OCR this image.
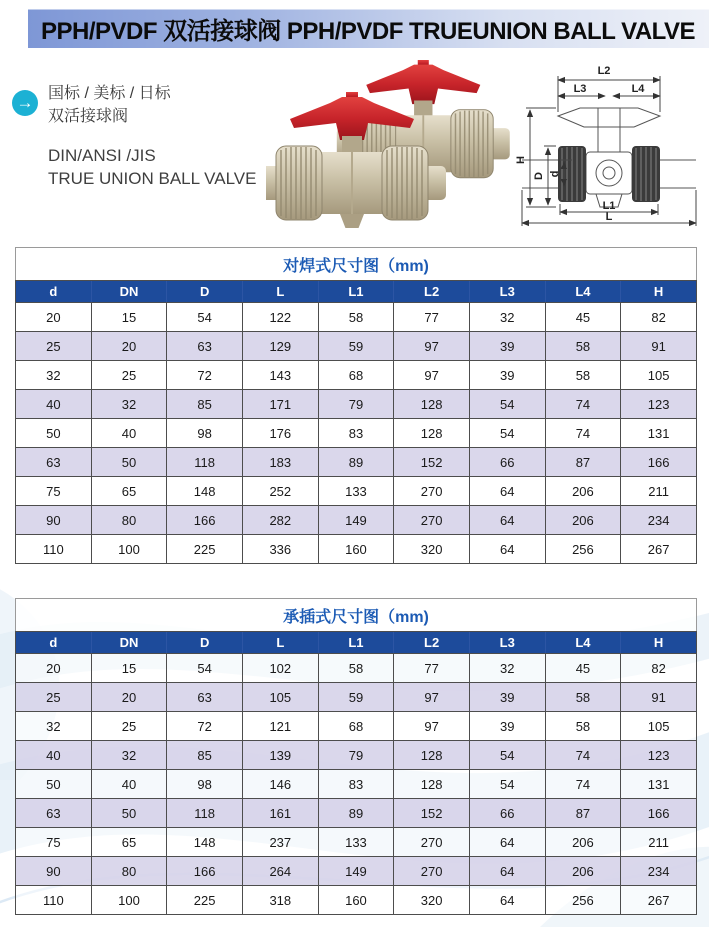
PPH/PVDF 双活接球阀 PPH/PVDF TRUEUNION BALL VALVE
→ 国标 / 美标 / 日标
双活接球阀
DIN/ANSI /JIS
TRUE UNION BALL VALVE
L2
L3	L4
H
D d
L1
L
对焊式尺寸图（mm)								
d	DN	D	L	L1	L2	L3	L4	H
20	15	54	122	58	77	32	45	82
25	20	63	129	59	97	39	58	91
32	25	72	143	68	97	39	58	105
40	32	85	171	79	128	54	74	123
50	40	98	176	83	128	54	74	131
63	50	118	183	89	152	66	87	166
75	65	148	252	133	270	64	206	211
90	80	166	282	149	270	64	206	234
110	100	225	336	160	320	64	256	267
承插式尺寸图（mm)								
d	DN	D	L	L1	L2	L3	L4	H
20	15	54	102	58	77	32	45	82
25	20	63	105	59	97	39	58	91
32	25	72	121	68	97	39	58	105
40	32	85	139	79	128	54	74	123
50	40	98	146	83	128	54	74	131
63	50	118	161	89	152	66	87	166
75	65	148	237	133	270	64	206	211
90	80	166	264	149	270	64	206	234
110	100	225	318	160	320	64	256	267
